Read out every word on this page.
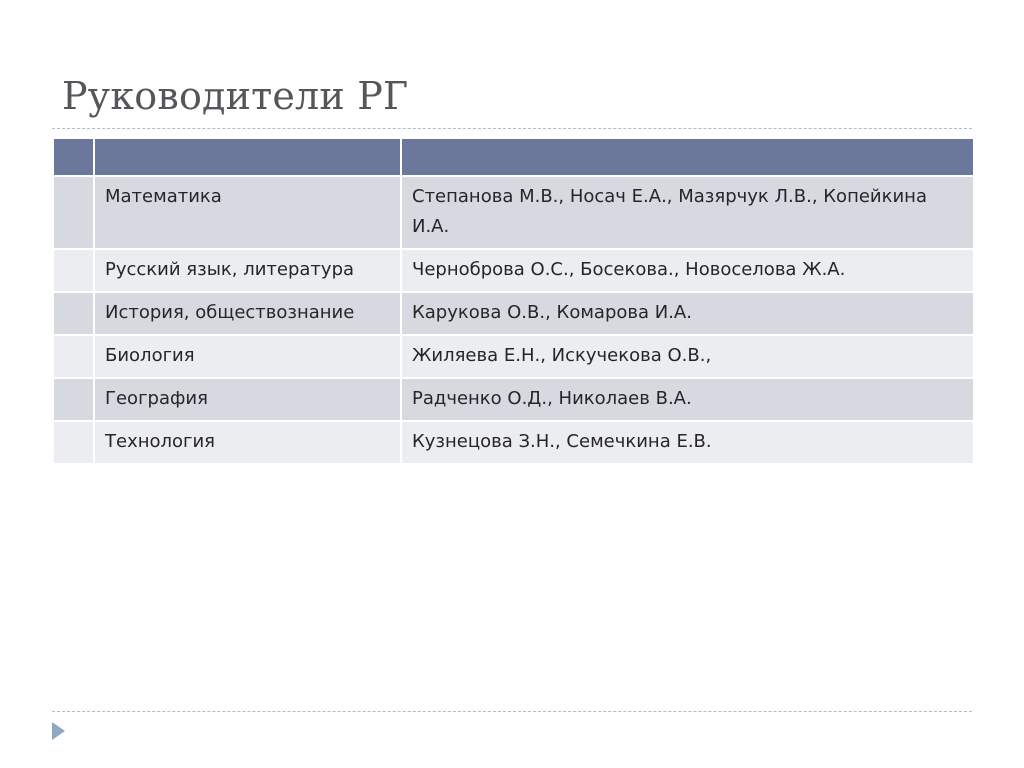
Руководители РГ

	Математика	Степанова М.В., Носач Е.А., Мазярчук Л.В., Копейкина И.А.
	Русский язык, литература	Черноброва О.С., Босекова., Новоселова Ж.А.
	История, обществознание	Карукова О.В., Комарова И.А.
	Биология	Жиляева Е.Н., Искучекова О.В.,
	География	Радченко О.Д., Николаев В.А.
	Технология	Кузнецова З.Н., Семечкина Е.В.
